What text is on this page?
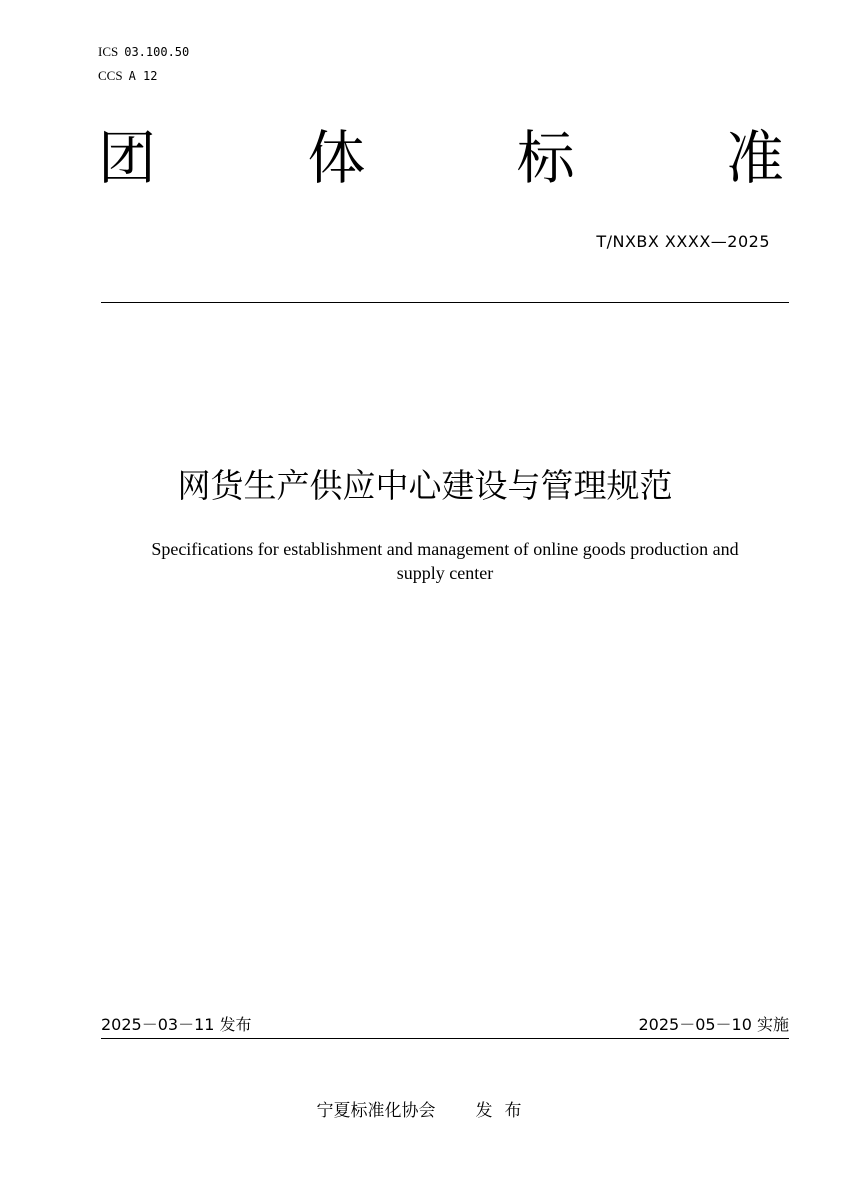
ICS 03.100.50
CCS A 12
团	体	标	准
T/NXBX XXXX—2025
网货生产供应中心建设与管理规范
Specifications for establishment and management of online goods production and
supply center
2025－03－11 发布	2025－05－10 实施
宁夏标准化协会 发布
